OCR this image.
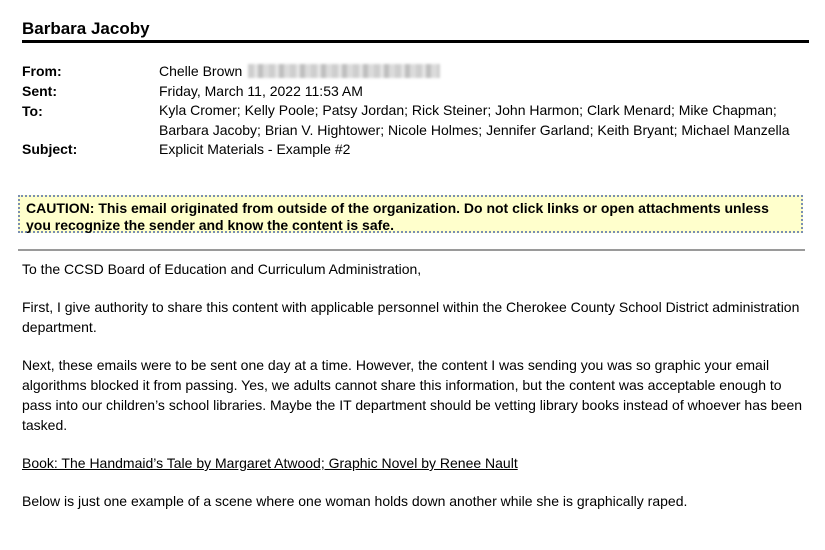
Barbara Jacoby
From:	Chelle Brown
Sent:	Friday, March 11, 2022 11:53 AM
To:	Kyla Cromer; Kelly Poole; Patsy Jordan; Rick Steiner; John Harmon; Clark Menard; Mike Chapman; Barbara Jacoby; Brian V. Hightower; Nicole Holmes; Jennifer Garland; Keith Bryant; Michael Manzella
Subject:	Explicit Materials - Example #2
CAUTION: This email originated from outside of the organization. Do not click links or open attachments unless you recognize the sender and know the content is safe.
To the CCSD Board of Education and Curriculum Administration,
First, I give authority to share this content with applicable personnel within the Cherokee County School District administration department.
Next, these emails were to be sent one day at a time. However, the content I was sending you was so graphic your email algorithms blocked it from passing. Yes, we adults cannot share this information, but the content was acceptable enough to pass into our children’s school libraries. Maybe the IT department should be vetting library books instead of whoever has been tasked.
Book: The Handmaid’s Tale by Margaret Atwood; Graphic Novel by Renee Nault
Below is just one example of a scene where one woman holds down another while she is graphically raped.
